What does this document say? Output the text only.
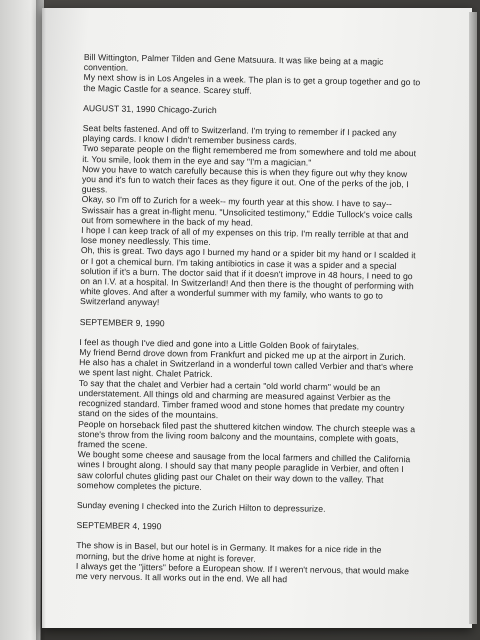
Bill Wittington, Palmer Tilden and Gene Matsuura. It was like being at a magic convention.
My next show is in Los Angeles in a week. The plan is to get a group together and go to the Magic Castle for a seance. Scarey stuff.

AUGUST 31, 1990 Chicago-Zurich

Seat belts fastened. And off to Switzerland. I'm trying to remember if I packed any playing cards. I know I didn't remember business cards.
Two separate people on the flight remembered me from somewhere and told me about it. You smile, look them in the eye and say "I'm a magician."
Now you have to watch carefully because this is when they figure out why they know you and it's fun to watch their faces as they figure it out. One of the perks of the job, I guess.
Okay, so I'm off to Zurich for a week-- my fourth year at this show. I have to say-- Swissair has a great in-flight menu. "Unsolicited testimony," Eddie Tullock's voice calls out from somewhere in the back of my head.
I hope I can keep track of all of my expenses on this trip. I'm really terrible at that and lose money needlessly. This time.
Oh, this is great. Two days ago I burned my hand or a spider bit my hand or I scalded it or I got a chemical burn. I'm taking antibiotics in case it was a spider and a special solution if it's a burn. The doctor said that if it doesn't improve in 48 hours, I need to go on an I.V. at a hospital. In Switzerland! And then there is the thought of performing with white gloves. And after a wonderful summer with my family, who wants to go to Switzerland anyway!

SEPTEMBER 9, 1990

I feel as though I've died and gone into a Little Golden Book of fairytales.
My friend Bernd drove down from Frankfurt and picked me up at the airport in Zurich. He also has a chalet in Switzerland in a wonderful town called Verbier and that's where we spent last night. Chalet Patrick.
To say that the chalet and Verbier had a certain "old world charm" would be an understatement. All things old and charming are measured against Verbier as the recognized standard. Timber framed wood and stone homes that predate my country stand on the sides of the mountains.
People on horseback filed past the shuttered kitchen window. The church steeple was a stone's throw from the living room balcony and the mountains, complete with goats, framed the scene.
We bought some cheese and sausage from the local farmers and chilled the California wines I brought along. I should say that many people paraglide in Verbier, and often I saw colorful chutes gliding past our Chalet on their way down to the valley. That somehow completes the picture.

Sunday evening I checked into the Zurich Hilton to depressurize.

SEPTEMBER 4, 1990

The show is in Basel, but our hotel is in Germany. It makes for a nice ride in the morning, but the drive home at night is forever.
I always get the "jitters" before a European show. If I weren't nervous, that would make me very nervous. It all works out in the end. We all had
